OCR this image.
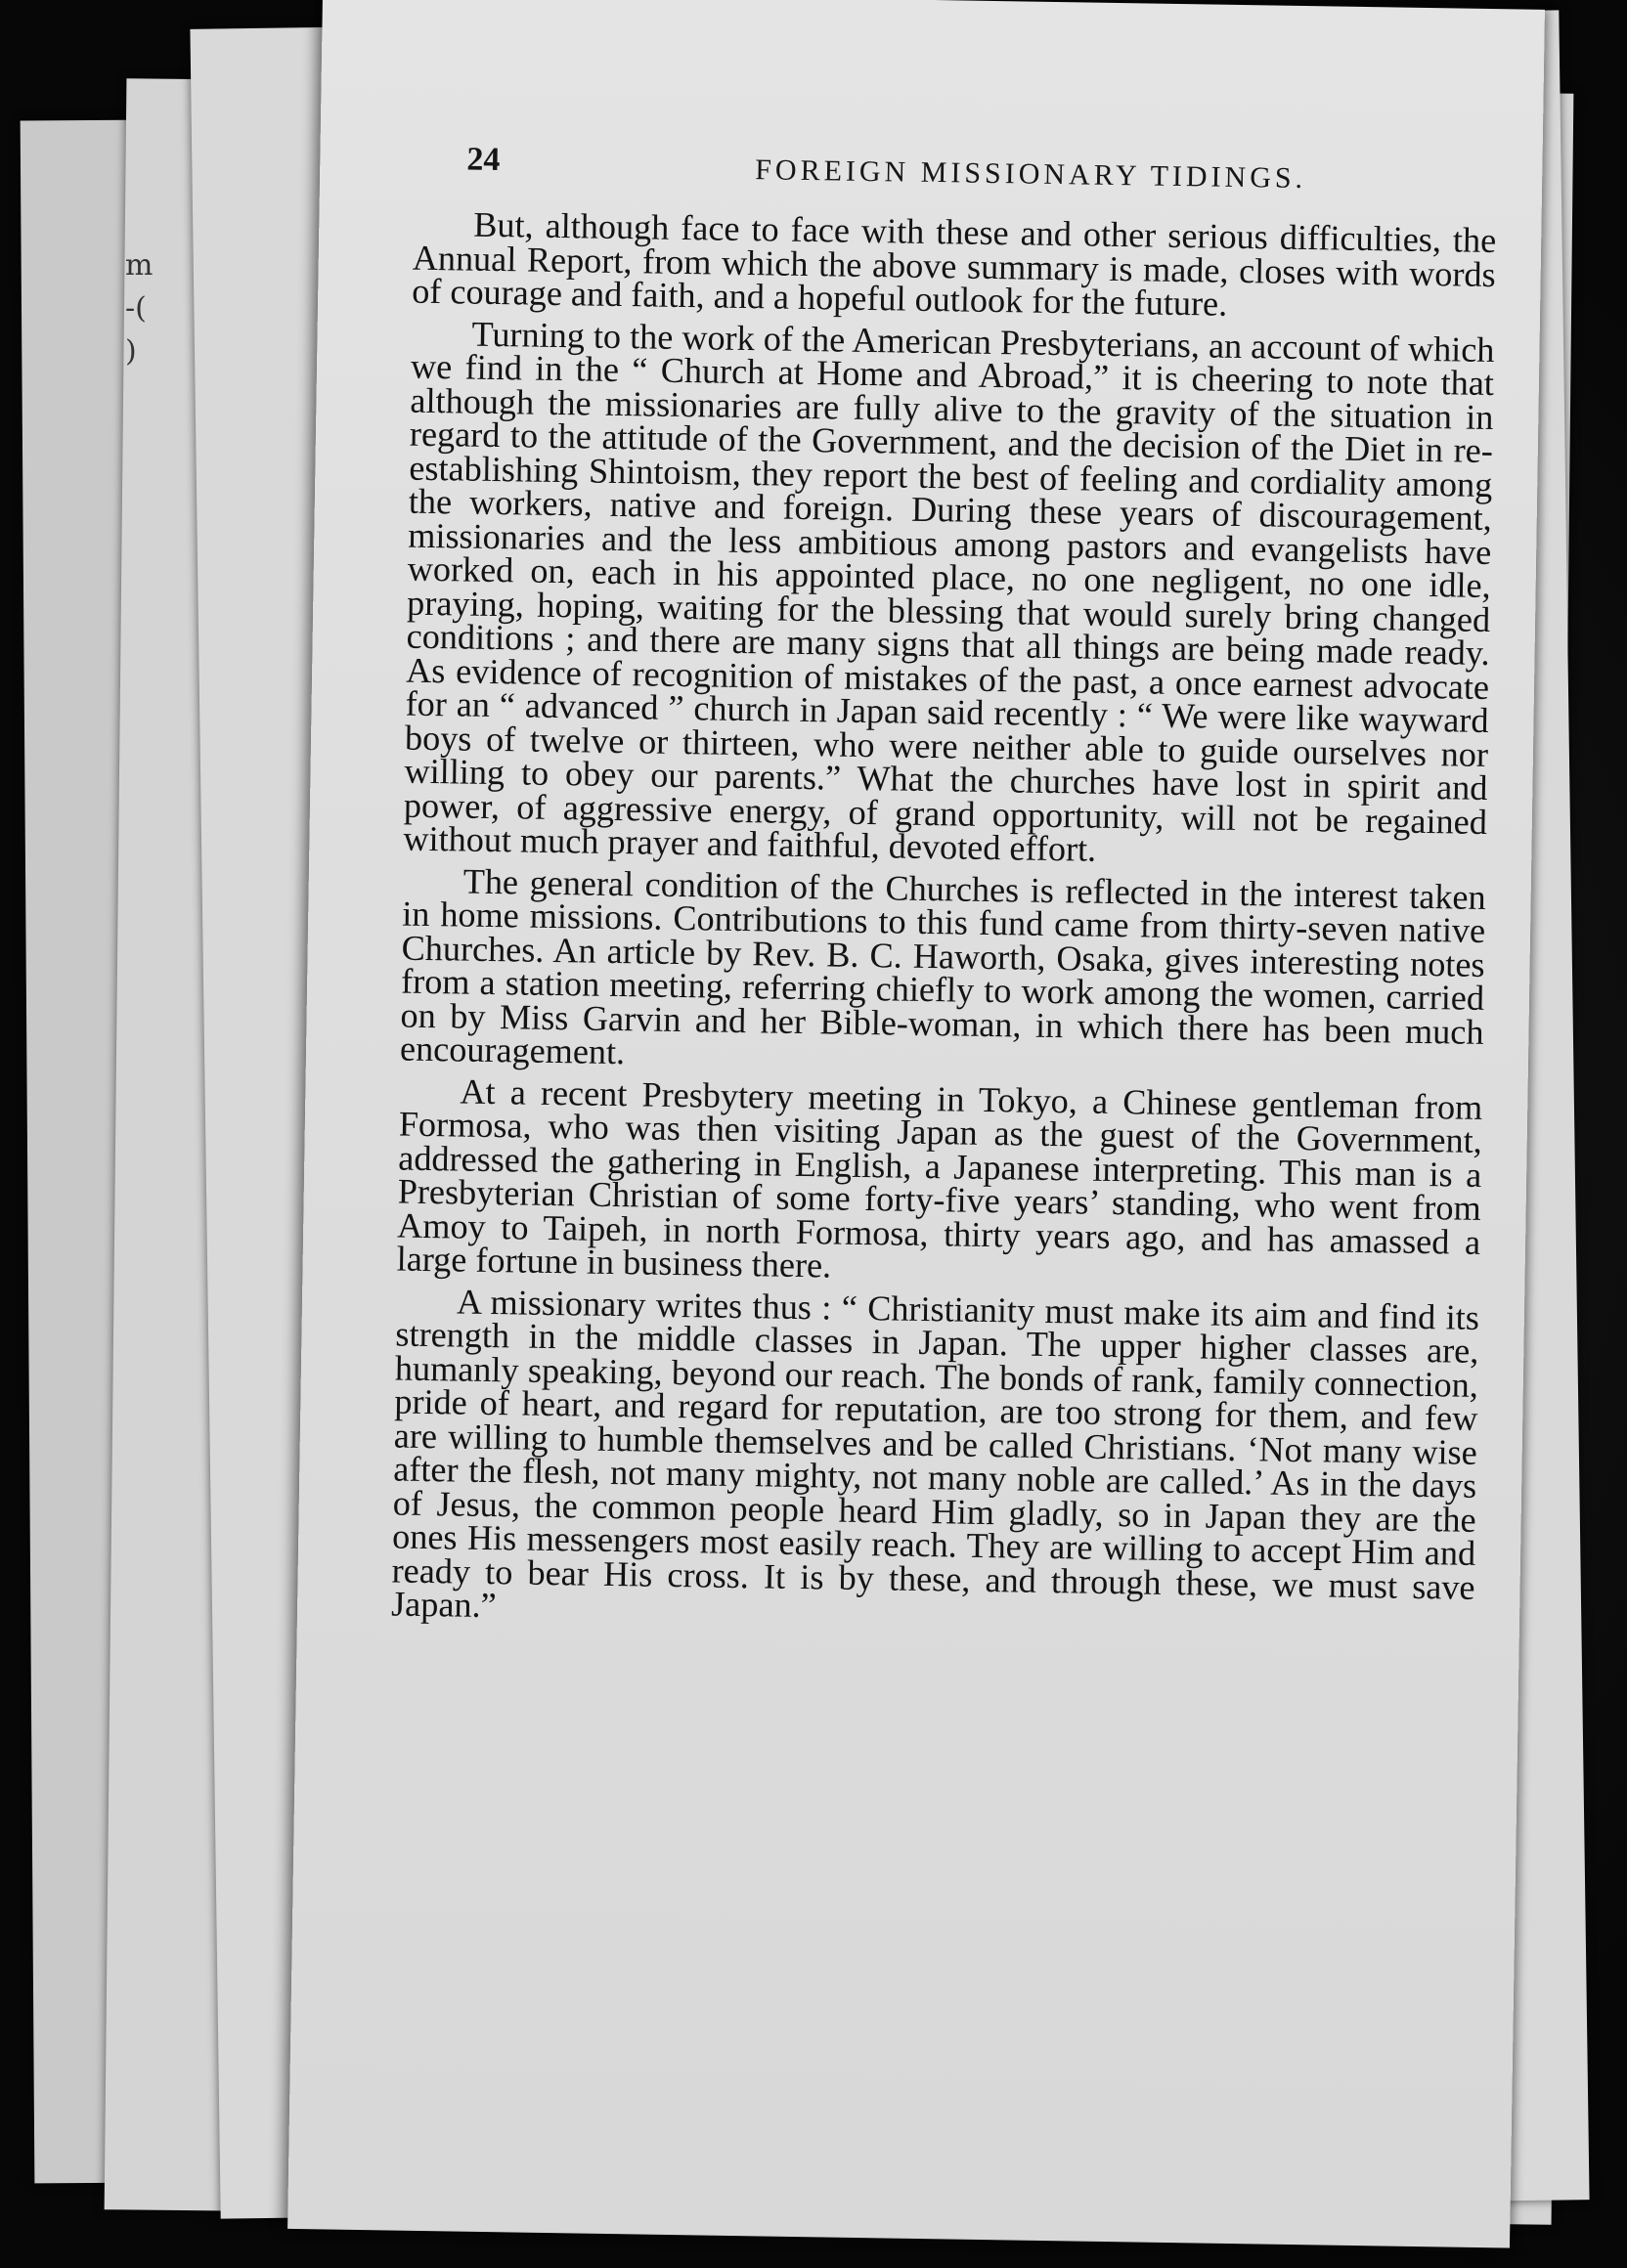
m
-(
)
24	FOREIGN MISSIONARY TIDINGS.

But, although face to face with these and other serious difficulties, the Annual Report, from which the above summary is made, closes with words of courage and faith, and a hopeful outlook for the future.

Turning to the work of the American Presbyterians, an account of which we find in the “ Church at Home and Abroad,” it is cheering to note that although the missionaries are fully alive to the gravity of the situation in regard to the attitude of the Government, and the decision of the Diet in re-establishing Shintoism, they report the best of feeling and cordiality among the workers, native and foreign. During these years of discouragement, missionaries and the less ambitious among pastors and evangelists have worked on, each in his appointed place, no one negligent, no one idle, praying, hoping, waiting for the blessing that would surely bring changed conditions ; and there are many signs that all things are being made ready. As evidence of recognition of mistakes of the past, a once earnest advocate for an “ advanced ” church in Japan said recently : “ We were like wayward boys of twelve or thirteen, who were neither able to guide ourselves nor willing to obey our parents.” What the churches have lost in spirit and power, of aggressive energy, of grand opportunity, will not be regained without much prayer and faithful, devoted effort.

The general condition of the Churches is reflected in the interest taken in home missions. Contributions to this fund came from thirty-seven native Churches. An article by Rev. B. C. Haworth, Osaka, gives interesting notes from a station meeting, referring chiefly to work among the women, carried on by Miss Garvin and her Bible-woman, in which there has been much encouragement.

At a recent Presbytery meeting in Tokyo, a Chinese gentleman from Formosa, who was then visiting Japan as the guest of the Government, addressed the gathering in English, a Japanese interpreting. This man is a Presbyterian Christian of some forty-five years’ standing, who went from Amoy to Taipeh, in north Formosa, thirty years ago, and has amassed a large fortune in business there.

A missionary writes thus : “ Christianity must make its aim and find its strength in the middle classes in Japan. The upper higher classes are, humanly speaking, beyond our reach. The bonds of rank, family connection, pride of heart, and regard for reputation, are too strong for them, and few are willing to humble themselves and be called Christians. ‘Not many wise after the flesh, not many mighty, not many noble are called.’ As in the days of Jesus, the common people heard Him gladly, so in Japan they are the ones His messengers most easily reach. They are willing to accept Him and ready to bear His cross. It is by these, and through these, we must save Japan.”
